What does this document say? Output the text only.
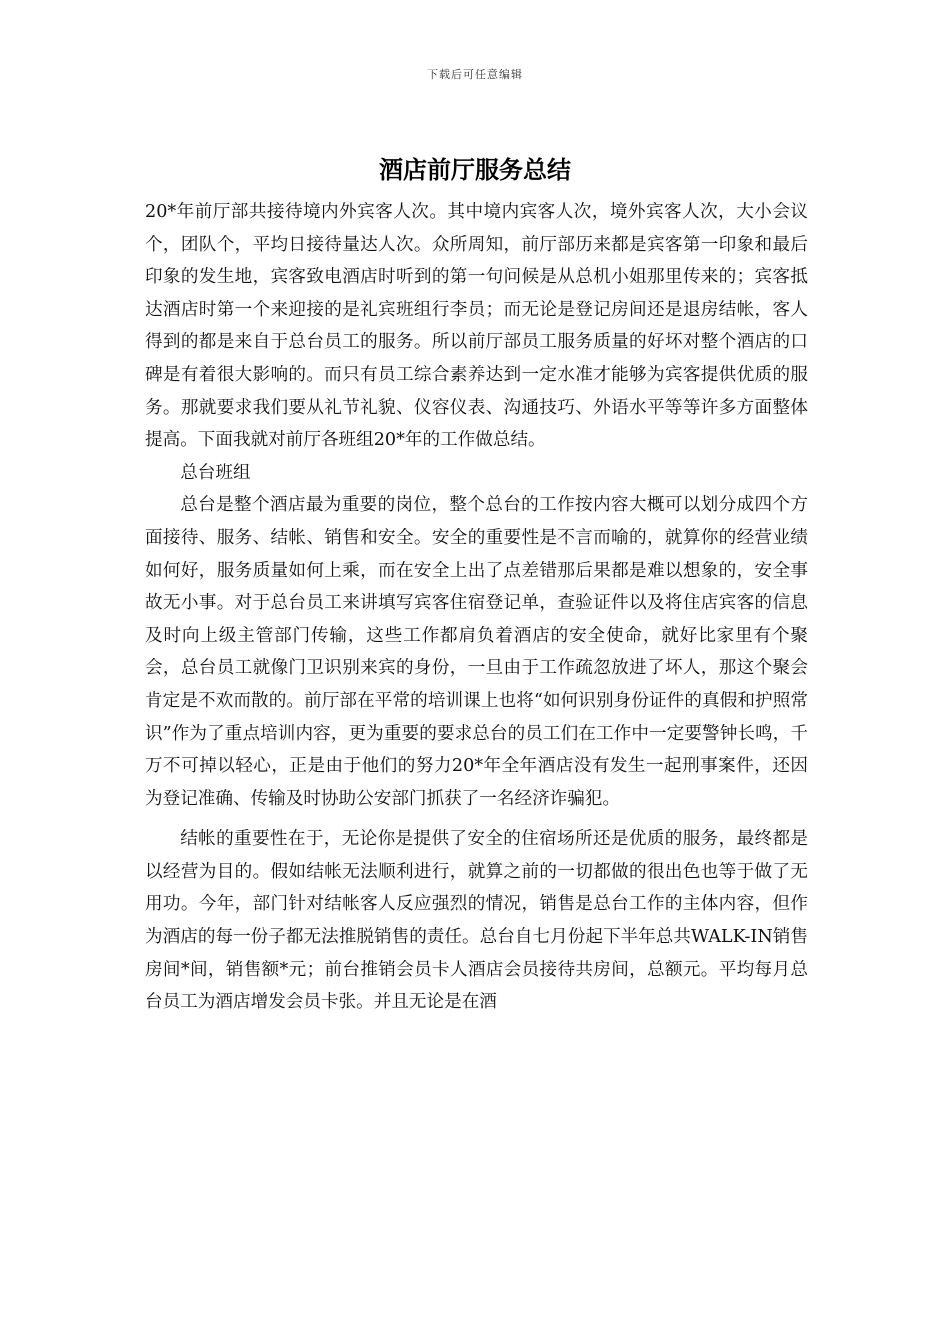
下载后可任意编辑
酒店前厅服务总结

20*年前厅部共接待境内外宾客人次。其中境内宾客人次，境外宾客人次，大小会议个，团队个，平均日接待量达人次。众所周知，前厅部历来都是宾客第一印象和最后印象的发生地，宾客致电酒店时听到的第一句问候是从总机小姐那里传来的；宾客抵达酒店时第一个来迎接的是礼宾班组行李员；而无论是登记房间还是退房结帐，客人得到的都是来自于总台员工的服务。所以前厅部员工服务质量的好坏对整个酒店的口碑是有着很大影响的。而只有员工综合素养达到一定水准才能够为宾客提供优质的服务。那就要求我们要从礼节礼貌、仪容仪表、沟通技巧、外语水平等等许多方面整体提高。下面我就对前厅各班组20*年的工作做总结。

总台班组

总台是整个酒店最为重要的岗位，整个总台的工作按内容大概可以划分成四个方面接待、服务、结帐、销售和安全。安全的重要性是不言而喻的，就算你的经营业绩如何好，服务质量如何上乘，而在安全上出了点差错那后果都是难以想象的，安全事故无小事。对于总台员工来讲填写宾客住宿登记单，查验证件以及将住店宾客的信息及时向上级主管部门传输，这些工作都肩负着酒店的安全使命，就好比家里有个聚会，总台员工就像门卫识别来宾的身份，一旦由于工作疏忽放进了坏人，那这个聚会肯定是不欢而散的。前厅部在平常的培训课上也将“如何识别身份证件的真假和护照常识”作为了重点培训内容，更为重要的要求总台的员工们在工作中一定要警钟长鸣，千万不可掉以轻心，正是由于他们的努力20*年全年酒店没有发生一起刑事案件，还因为登记准确、传输及时协助公安部门抓获了一名经济诈骗犯。

结帐的重要性在于，无论你是提供了安全的住宿场所还是优质的服务，最终都是以经营为目的。假如结帐无法顺利进行，就算之前的一切都做的很出色也等于做了无用功。今年，部门针对结帐客人反应强烈的情况，销售是总台工作的主体内容，但作为酒店的每一份子都无法推脱销售的责任。总台自七月份起下半年总共WALK-IN销售房间*间，销售额*元；前台推销会员卡人酒店会员接待共房间，总额元。平均每月总台员工为酒店增发会员卡张。并且无论是在酒
